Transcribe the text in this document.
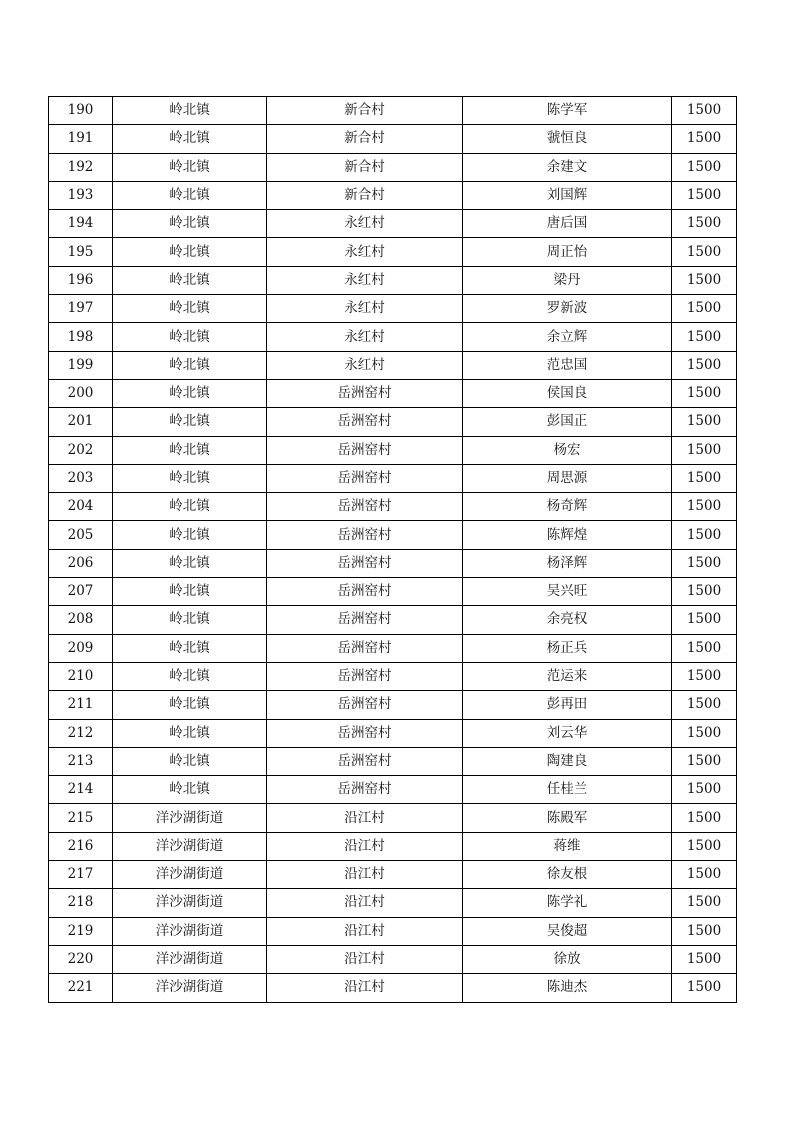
190	岭北镇	新合村	陈学军	1500
191	岭北镇	新合村	虢恒良	1500
192	岭北镇	新合村	余建文	1500
193	岭北镇	新合村	刘国辉	1500
194	岭北镇	永红村	唐后国	1500
195	岭北镇	永红村	周正怡	1500
196	岭北镇	永红村	梁丹	1500
197	岭北镇	永红村	罗新波	1500
198	岭北镇	永红村	余立辉	1500
199	岭北镇	永红村	范忠国	1500
200	岭北镇	岳洲窑村	侯国良	1500
201	岭北镇	岳洲窑村	彭国正	1500
202	岭北镇	岳洲窑村	杨宏	1500
203	岭北镇	岳洲窑村	周思源	1500
204	岭北镇	岳洲窑村	杨奇辉	1500
205	岭北镇	岳洲窑村	陈辉煌	1500
206	岭北镇	岳洲窑村	杨泽辉	1500
207	岭北镇	岳洲窑村	吴兴旺	1500
208	岭北镇	岳洲窑村	余亮权	1500
209	岭北镇	岳洲窑村	杨正兵	1500
210	岭北镇	岳洲窑村	范运来	1500
211	岭北镇	岳洲窑村	彭再田	1500
212	岭北镇	岳洲窑村	刘云华	1500
213	岭北镇	岳洲窑村	陶建良	1500
214	岭北镇	岳洲窑村	任桂兰	1500
215	洋沙湖街道	沿江村	陈殿军	1500
216	洋沙湖街道	沿江村	蒋维	1500
217	洋沙湖街道	沿江村	徐友根	1500
218	洋沙湖街道	沿江村	陈学礼	1500
219	洋沙湖街道	沿江村	吴俊超	1500
220	洋沙湖街道	沿江村	徐放	1500
221	洋沙湖街道	沿江村	陈迪杰	1500
